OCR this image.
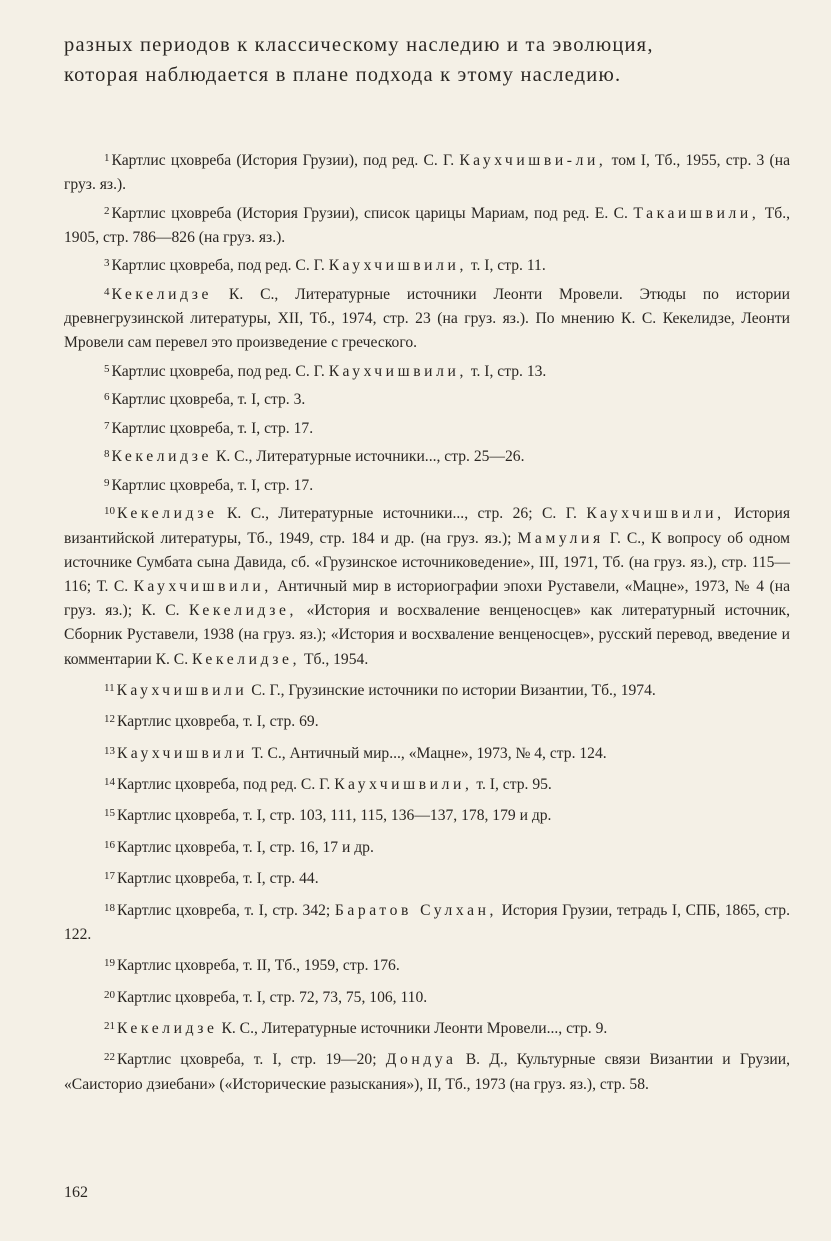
разных периодов к классическому наследию и та эволюция,

которая наблюдается в плане подхода к этому наследию.

$^1$ Картлис цховреба (История Грузии), под ред. С. Г. Каухчишви-ли, том I, Тб., 1955, стр. 3 (на груз. яз.).

$^2$ Картлис цховреба (История Грузии), список царицы Мариам, под ред. Е. С. Такаишвили, Тб., 1905, стр. 786—826 (на груз. яз.).

$^3$ Картлис цховреба, под ред. С. Г. Каухчишвили, т. I, стр. 11.

$^4$ Кекелидзе К. С., Литературные источники Леонти Мровели. Этюды по истории древнегрузинской литературы, XII, Тб., 1974, стр. 23 (на груз. яз.). По мнению К. С. Кекелидзе, Леонти Мровели сам перевел это произведение с греческого.

$^5$ Картлис цховреба, под ред. С. Г. Каухчишвили, т. I, стр. 13.

$^6$ Картлис цховреба, т. I, стр. 3.

$^7$ Картлис цховреба, т. I, стр. 17.

$^8$ Кекелидзе К. С., Литературные источники..., стр. 25—26.

$^9$ Картлис цховреба, т. I, стр. 17.

$^{10}$ Кекелидзе К. С., Литературные источники..., стр. 26; С. Г. Каухчишвили, История византийской литературы, Тб., 1949, стр. 184 и др. (на груз. яз.); Мамулия Г. С., К вопросу об одном источнике Сумбата сына Давида, сб. «Грузинское источниковедение», III, 1971, Тб. (на груз. яз.), стр. 115—116; Т. С. Каухчишвили, Античный мир в историографии эпохи Руставели, «Мацне», 1973, № 4 (на груз. яз.); К. С. Кекелидзе, «История и восхваление венценосцев» как литературный источник, Сборник Руставели, 1938 (на груз. яз.); «История и восхваление венценосцев», русский перевод, введение и комментарии К. С. Кекелидзе, Тб., 1954.

$^{11}$ Каухчишвили С. Г., Грузинские источники по истории Византии, Тб., 1974.

$^{12}$ Картлис цховреба, т. I, стр. 69.

$^{13}$ Каухчишвили Т. С., Античный мир..., «Мацне», 1973, № 4, стр. 124.

$^{14}$ Картлис цховреба, под ред. С. Г. Каухчишвили, т. I, стр. 95.

$^{15}$ Картлис цховреба, т. I, стр. 103, 111, 115, 136—137, 178, 179 и др.

$^{16}$ Картлис цховреба, т. I, стр. 16, 17 и др.

$^{17}$ Картлис цховреба, т. I, стр. 44.

$^{18}$ Картлис цховреба, т. I, стр. 342; Баратов Сулхан, История Грузии, тетрадь I, СПБ, 1865, стр. 122.

$^{19}$ Картлис цховреба, т. II, Тб., 1959, стр. 176.

$^{20}$ Картлис цховреба, т. I, стр. 72, 73, 75, 106, 110.

$^{21}$ Кекелидзе К. С., Литературные источники Леонти Мровели..., стр. 9.

$^{22}$ Картлис цховреба, т. I, стр. 19—20; Дондуа В. Д., Культурные связи Византии и Грузии, «Саисторио дзиебани» («Исторические разыскания»), II, Тб., 1973 (на груз. яз.), стр. 58.

162
